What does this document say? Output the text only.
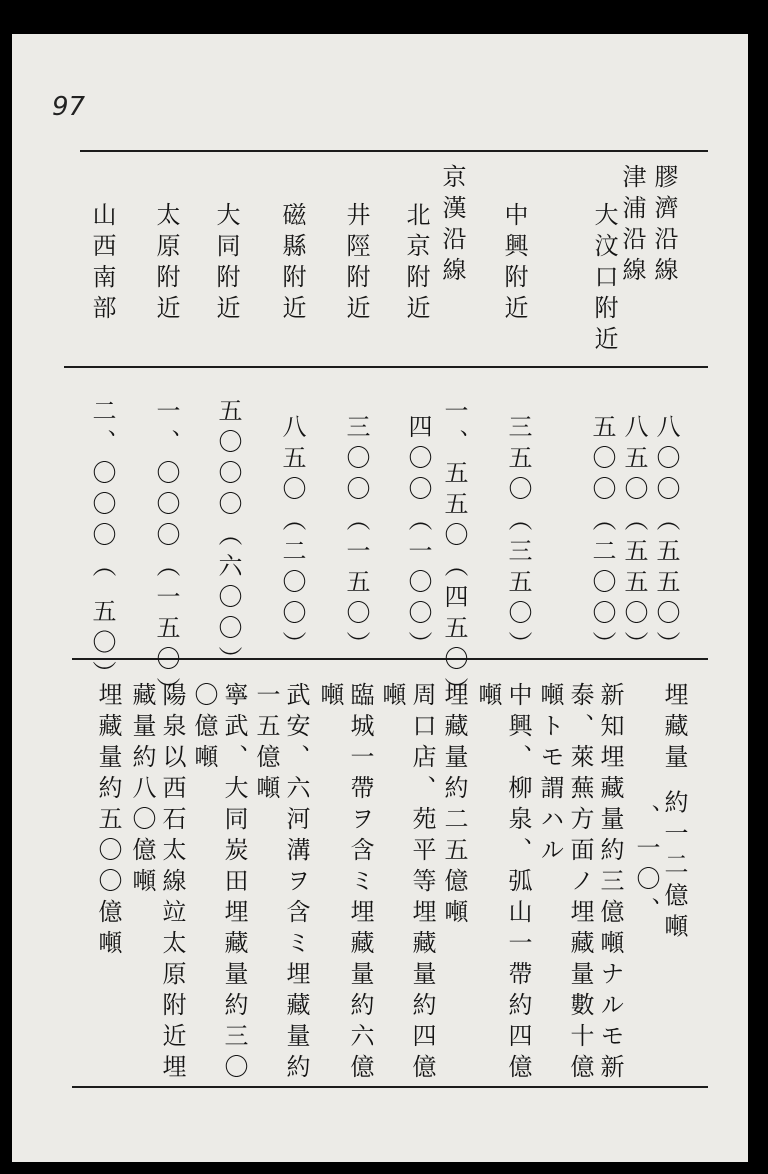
97
膠濟沿線
津浦沿線
大汶口附近
中興附近
京漢沿線
北京附近
井陘附近
磁縣附近
大同附近
太原附近
山西南部
八〇〇（五五〇）
八五〇（五五〇）
五〇〇（二〇〇）
三五〇（三五〇）
一、五五〇（四五〇）
四〇〇（一〇〇）
三〇〇（一五〇）
八五〇（二〇〇）
五〇〇〇（六〇〇）
一、〇〇〇（一五〇）
二、〇〇〇（ 五〇）
埋藏量 約一二億噸
、一〇、
新知埋藏量約三億噸ナルモ新
泰、萊蕪方面ノ埋藏量數十億
噸トモ謂ハル
中興、柳泉、弧山一帶約四億
噸
埋藏量約二五億噸
周口店、苑平等埋藏量約四億
噸
臨城一帶ヲ含ミ埋藏量約六億
噸
武安、六河溝ヲ含ミ埋藏量約
一五億噸
寧武、大同炭田埋藏量約三〇
〇億噸
陽泉以西石太線竝太原附近埋
藏量約八〇億噸
埋藏量約五〇〇億噸
